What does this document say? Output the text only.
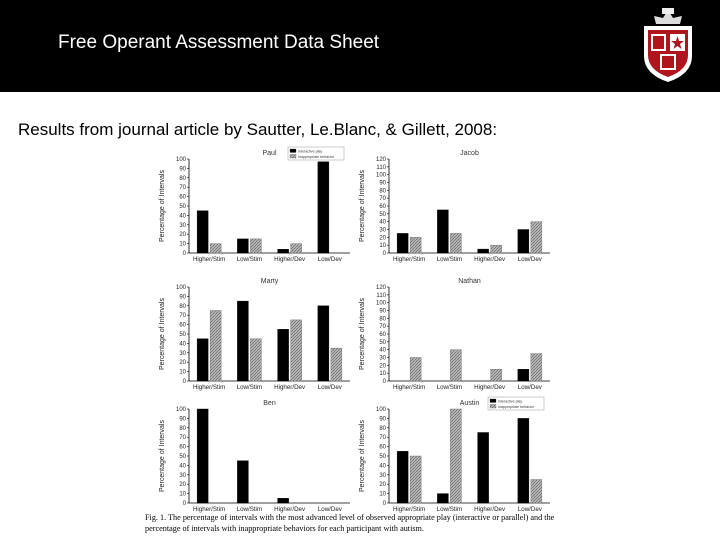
Free Operant Assessment Data Sheet
Results from journal article by Sautter, Le.Blanc, & Gillett, 2008:
Paul
Percentage of Intervals
0
10
20
30
40
50
60
70
80
90
100
Higher/Stim Low/Stim Higher/Dev Low/Dev
Interactive play
Inappropriate behavior	Jacob
Percentage of Intervals
0
10
20
30
40
50
60
70
80
90
100
110
120
Higher/Stim Low/Stim Higher/Dev Low/Dev
Marty
Percentage of Intervals
0
10
20
30
40
50
60
70
80
90
100
Higher/Stim Low/Stim Higher/Dev Low/Dev
Nathan
Percentage of Intervals
0
10
20
30
40
50
60
70
80
90
100
110
120
Higher/Stim Low/Stim Higher/Dev Low/Dev
Ben
Percentage of Intervals
0
10
20
30
40
50
60
70
80
90
100
Higher/Stim Low/Stim Higher/Dev Low/Dev
Austin
Percentage of Intervals
0
10
20
30
40
50
60
70
80
90
100
Higher/Stim Low/Stim Higher/Dev Low/Dev
Interactive play
Inappropriate behavior
Fig. 1. The percentage of intervals with the most advanced level of observed appropriate play (interactive or parallel) and the percentage of intervals with inappropriate behaviors for each participant with autism.
